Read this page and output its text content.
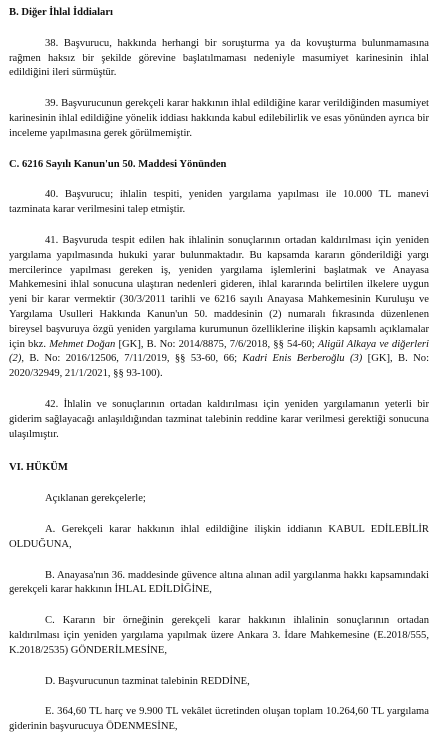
B. Diğer İhlal İddiaları

38. Başvurucu, hakkında herhangi bir soruşturma ya da kovuşturma bulunmamasına rağmen haksız bir şekilde görevine başlatılmaması nedeniyle masumiyet karinesinin ihlal edildiğini ileri sürmüştür.

39. Başvurucunun gerekçeli karar hakkının ihlal edildiğine karar verildiğinden masumiyet karinesinin ihlal edildiğine yönelik iddiası hakkında kabul edilebilirlik ve esas yönünden ayrıca bir inceleme yapılmasına gerek görülmemiştir.

C. 6216 Sayılı Kanun'un 50. Maddesi Yönünden

40. Başvurucu; ihlalin tespiti, yeniden yargılama yapılması ile 10.000 TL manevi tazminata karar verilmesini talep etmiştir.

41. Başvuruda tespit edilen hak ihlalinin sonuçlarının ortadan kaldırılması için yeniden yargılama yapılmasında hukuki yarar bulunmaktadır. Bu kapsamda kararın gönderildiği yargı mercilerince yapılması gereken iş, yeniden yargılama işlemlerini başlatmak ve Anayasa Mahkemesini ihlal sonucuna ulaştıran nedenleri gideren, ihlal kararında belirtilen ilkelere uygun yeni bir karar vermektir (30/3/2011 tarihli ve 6216 sayılı Anayasa Mahkemesinin Kuruluşu ve Yargılama Usulleri Hakkında Kanun'un 50. maddesinin (2) numaralı fıkrasında düzenlenen bireysel başvuruya özgü yeniden yargılama kurumunun özelliklerine ilişkin kapsamlı açıklamalar için bkz. Mehmet Doğan [GK], B. No: 2014/8875, 7/6/2018, §§ 54-60; Aligül Alkaya ve diğerleri (2), B. No: 2016/12506, 7/11/2019, §§ 53-60, 66; Kadri Enis Berberoğlu (3) [GK], B. No: 2020/32949, 21/1/2021, §§ 93-100).

42. İhlalin ve sonuçlarının ortadan kaldırılması için yeniden yargılamanın yeterli bir giderim sağlayacağı anlaşıldığından tazminat talebinin reddine karar verilmesi gerektiği sonucuna ulaşılmıştır.

VI. HÜKÜM

Açıklanan gerekçelerle;

A. Gerekçeli karar hakkının ihlal edildiğine ilişkin iddianın KABUL EDİLEBİLİR OLDUĞUNA,

B. Anayasa'nın 36. maddesinde güvence altına alınan adil yargılanma hakkı kapsamındaki gerekçeli karar hakkının İHLAL EDİLDİĞİNE,

C. Kararın bir örneğinin gerekçeli karar hakkının ihlalinin sonuçlarının ortadan kaldırılması için yeniden yargılama yapılmak üzere Ankara 3. İdare Mahkemesine (E.2018/555, K.2018/2535) GÖNDERİLMESİNE,

D. Başvurucunun tazminat talebinin REDDİNE,

E. 364,60 TL harç ve 9.900 TL vekâlet ücretinden oluşan toplam 10.264,60 TL yargılama giderinin başvurucuya ÖDENMESİNE,
